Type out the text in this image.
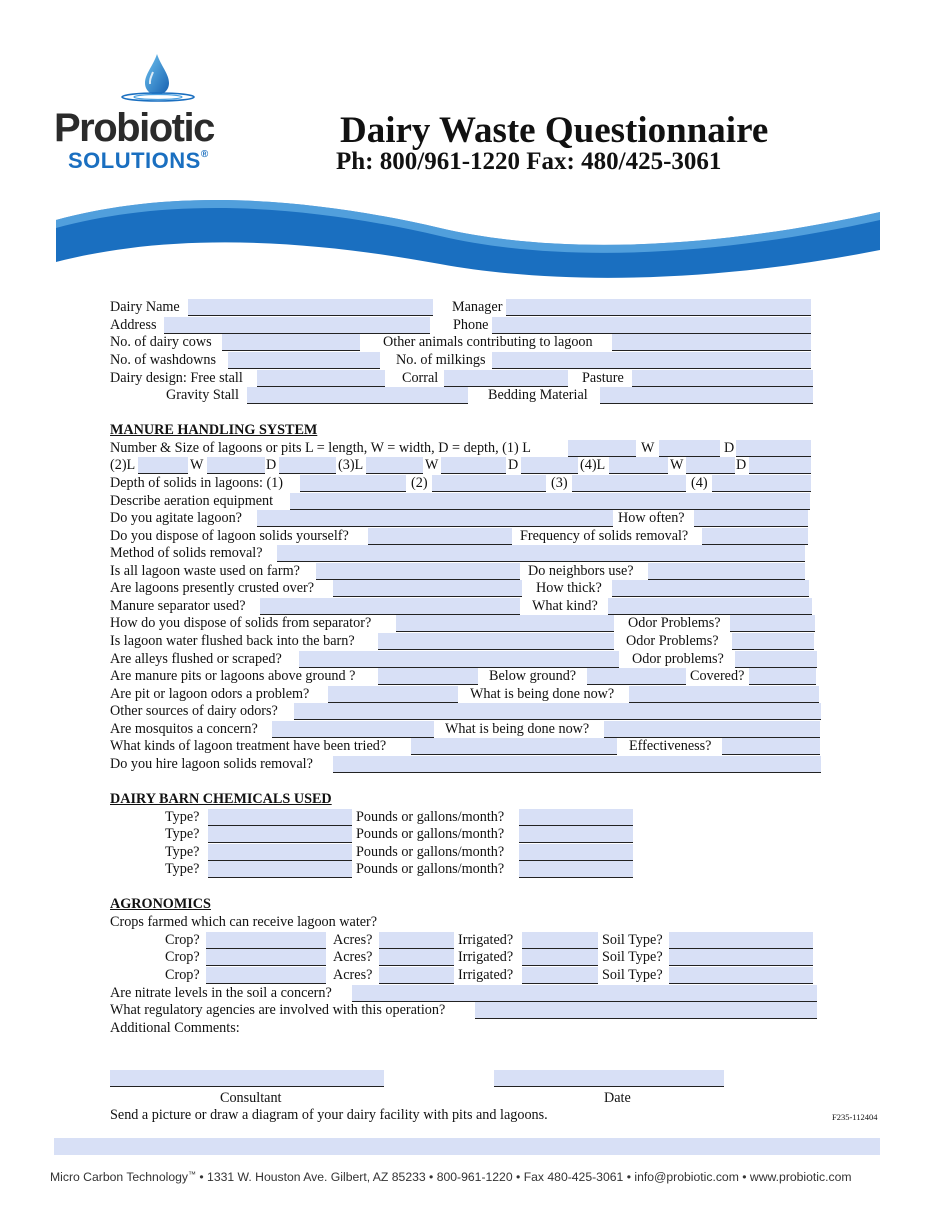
Probiotic
SOLUTIONS®
Dairy Waste Questionnaire
Ph: 800/961-1220 Fax: 480/425-3061
MANURE HANDLING SYSTEM
DAIRY BARN CHEMICALS USED
AGRONOMICS
Dairy Name	Manager
Address	Phone
No. of dairy cows	Other animals contributing to lagoon
No. of washdowns	No. of milkings
Dairy design: Free stall	Corral	Pasture
Gravity Stall	Bedding Material
Number & Size of lagoons or pits L = length, W = width, D = depth, (1) L	W	D
(2)L	W	D	(3)L	W	D	(4)L	W	D
Depth of solids in lagoons: (1)	(2)	(3)	(4)
Describe aeration equipment
Do you agitate lagoon?	How often?
Do you dispose of lagoon solids yourself?	Frequency of solids removal?
Method of solids removal?
Is all lagoon waste used on farm?	Do neighbors use?
Are lagoons presently crusted over?	How thick?
Manure separator used?	What kind?
How do you dispose of solids from separator?	Odor Problems?
Is lagoon water flushed back into the barn?	Odor Problems?
Are alleys flushed or scraped?	Odor problems?
Are manure pits or lagoons above ground ?	Below ground?	Covered?
Are pit or lagoon odors a problem?	What is being done now?
Other sources of dairy odors?
Are mosquitos a concern?	What is being done now?
What kinds of lagoon treatment have been tried?	Effectiveness?
Do you hire lagoon solids removal?
Type?	Pounds or gallons/month?
Type?	Pounds or gallons/month?
Type?	Pounds or gallons/month?
Type?	Pounds or gallons/month?
Crops farmed which can receive lagoon water?
Crop?	Acres?	Irrigated?	Soil Type?
Crop?	Acres?	Irrigated?	Soil Type?
Crop?	Acres?	Irrigated?	Soil Type?
Are nitrate levels in the soil a concern?
What regulatory agencies are involved with this operation?
Additional Comments:
Consultant	Date
Send a picture or draw a diagram of your dairy facility with pits and lagoons.	F235-112404
Micro Carbon Technology™ • 1331 W. Houston Ave. Gilbert, AZ 85233 • 800-961-1220 • Fax 480-425-3061 • info@probiotic.com • www.probiotic.com
